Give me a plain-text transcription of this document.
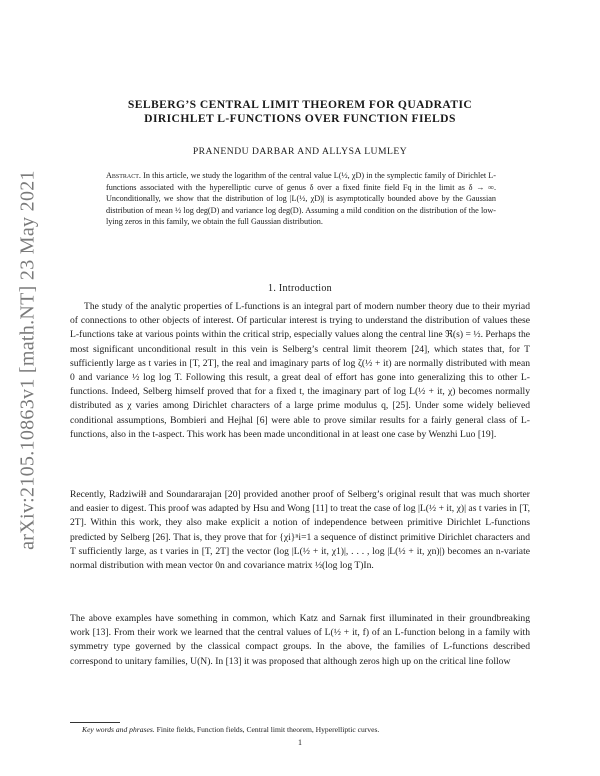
arXiv:2105.10863v1 [math.NT] 23 May 2021
SELBERG’S CENTRAL LIMIT THEOREM FOR QUADRATIC
DIRICHLET L-FUNCTIONS OVER FUNCTION FIELDS
PRANENDU DARBAR AND ALLYSA LUMLEY
Abstract. In this article, we study the logarithm of the central value L(½, χD) in the symplectic family of Dirichlet L-functions associated with the hyperelliptic curve of genus δ over a fixed finite field Fq in the limit as δ → ∞. Unconditionally, we show that the distribution of log |L(½, χD)| is asymptotically bounded above by the Gaussian distribution of mean ½ log deg(D) and variance log deg(D). Assuming a mild condition on the distribution of the low-lying zeros in this family, we obtain the full Gaussian distribution.
1. Introduction
The study of the analytic properties of L-functions is an integral part of modern number theory due to their myriad of connections to other objects of interest. Of particular interest is trying to understand the distribution of values these L-functions take at various points within the critical strip, especially values along the central line ℜ(s) = ½. Perhaps the most significant unconditional result in this vein is Selberg’s central limit theorem [24], which states that, for T sufficiently large as t varies in [T, 2T], the real and imaginary parts of log ζ(½ + it) are normally distributed with mean 0 and variance ½ log log T. Following this result, a great deal of effort has gone into generalizing this to other L-functions. Indeed, Selberg himself proved that for a fixed t, the imaginary part of log L(½ + it, χ) becomes normally distributed as χ varies among Dirichlet characters of a large prime modulus q, [25]. Under some widely believed conditional assumptions, Bombieri and Hejhal [6] were able to prove similar results for a fairly general class of L-functions, also in the t-aspect. This work has been made unconditional in at least one case by Wenzhi Luo [19].
Recently, Radziwiłł and Soundararajan [20] provided another proof of Selberg’s original result that was much shorter and easier to digest. This proof was adapted by Hsu and Wong [11] to treat the case of log |L(½ + it, χ)| as t varies in [T, 2T]. Within this work, they also make explicit a notion of independence between primitive Dirichlet L-functions predicted by Selberg [26]. That is, they prove that for {χi}ⁿi=1 a sequence of distinct primitive Dirichlet characters and T sufficiently large, as t varies in [T, 2T] the vector (log |L(½ + it, χ1)|, . . . , log |L(½ + it, χn)|) becomes an n-variate normal distribution with mean vector 0n and covariance matrix ½(log log T)In.
The above examples have something in common, which Katz and Sarnak first illuminated in their groundbreaking work [13]. From their work we learned that the central values of L(½ + it, f) of an L-function belong in a family with symmetry type governed by the classical compact groups. In the above, the families of L-functions described correspond to unitary families, U(N). In [13] it was proposed that although zeros high up on the critical line follow
Key words and phrases. Finite fields, Function fields, Central limit theorem, Hyperelliptic curves.
1
